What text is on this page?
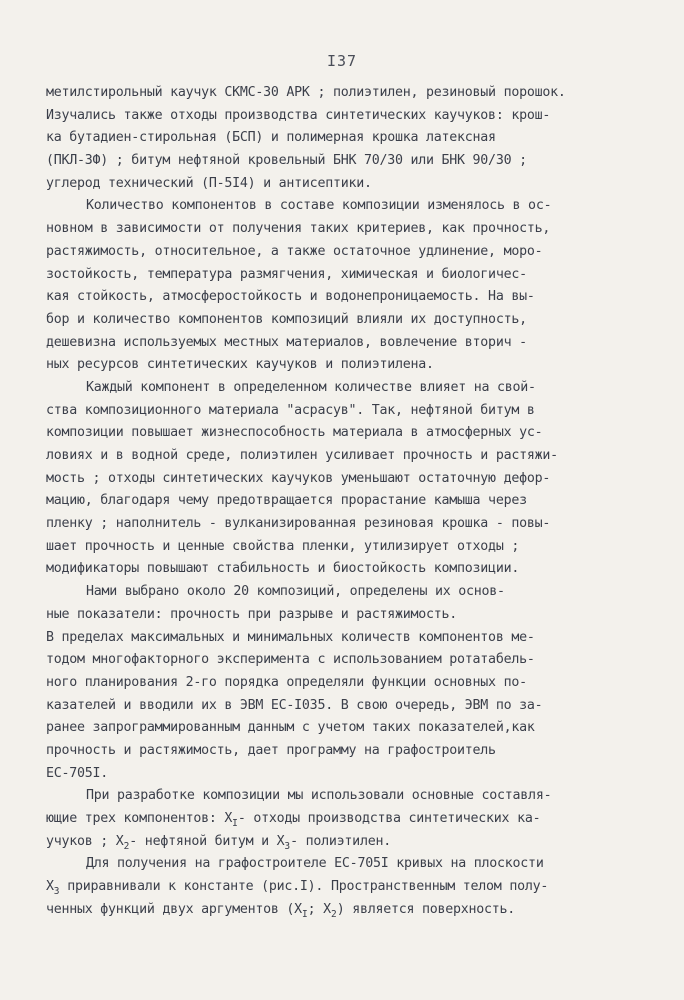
I37
метилстирольный каучук СКМС-30 АРК ; полиэтилен, резиновый порошок.
Изучались также отходы производства синтетических каучуков: крош-
ка бутадиен-стирольная (БСП) и полимерная крошка латексная
(ПКЛ-ЗФ) ; битум нефтяной кровельный БНК 70/30 или БНК 90/30 ;
углерод технический (П-5I4) и антисептики.
Количество компонентов в составе композиции изменялось в ос-
новном в зависимости от получения таких критериев, как прочность,
растяжимость, относительное, а также остаточное удлинение, моро-
зостойкость, температура размягчения, химическая и биологичес-
кая стойкость, атмосферостойкость и водонепроницаемость. На вы-
бор и количество компонентов композиций влияли их доступность,
дешевизна используемых местных материалов, вовлечение вторич -
ных ресурсов синтетических каучуков и полиэтилена.
Каждый компонент в определенном количестве влияет на свой-
ства композиционного материала "асрасув". Так, нефтяной битум в
композиции повышает жизнеспособность материала в атмосферных ус-
ловиях и в водной среде, полиэтилен усиливает прочность и растяжи-
мость ; отходы синтетических каучуков уменьшают остаточную дефор-
мацию, благодаря чему предотвращается прорастание камыша через
пленку ; наполнитель - вулканизированная резиновая крошка - повы-
шает прочность и ценные свойства пленки, утилизирует отходы ;
модификаторы повышают стабильность и биостойкость композиции.
Нами выбрано около 20 композиций, определены их основ-
ные показатели: прочность при разрыве и растяжимость.
В пределах максимальных и минимальных количеств компонентов ме-
тодом многофакторного эксперимента с использованием ротатабель-
ного планирования 2-го порядка определяли функции основных по-
казателей и вводили их в ЭВМ ЕС-I035. В свою очередь, ЭВМ по за-
ранее запрограммированным данным с учетом таких показателей,как
прочность и растяжимость, дает программу на графостроитель
ЕС-705I.
При разработке композиции мы использовали основные составля-
ющие трех компонентов: $X_I-$ отходы производства синтетических ка-
учуков ; $X_2-$ нефтяной битум и $X_3-$ полиэтилен.
Для получения на графостроителе ЕС-705I кривых на плоскости
$X_3$ приравнивали к константе (рис.I). Пространственным телом полу-
ченных функций двух аргументов ($X_I$; $X_2$) является поверхность.
